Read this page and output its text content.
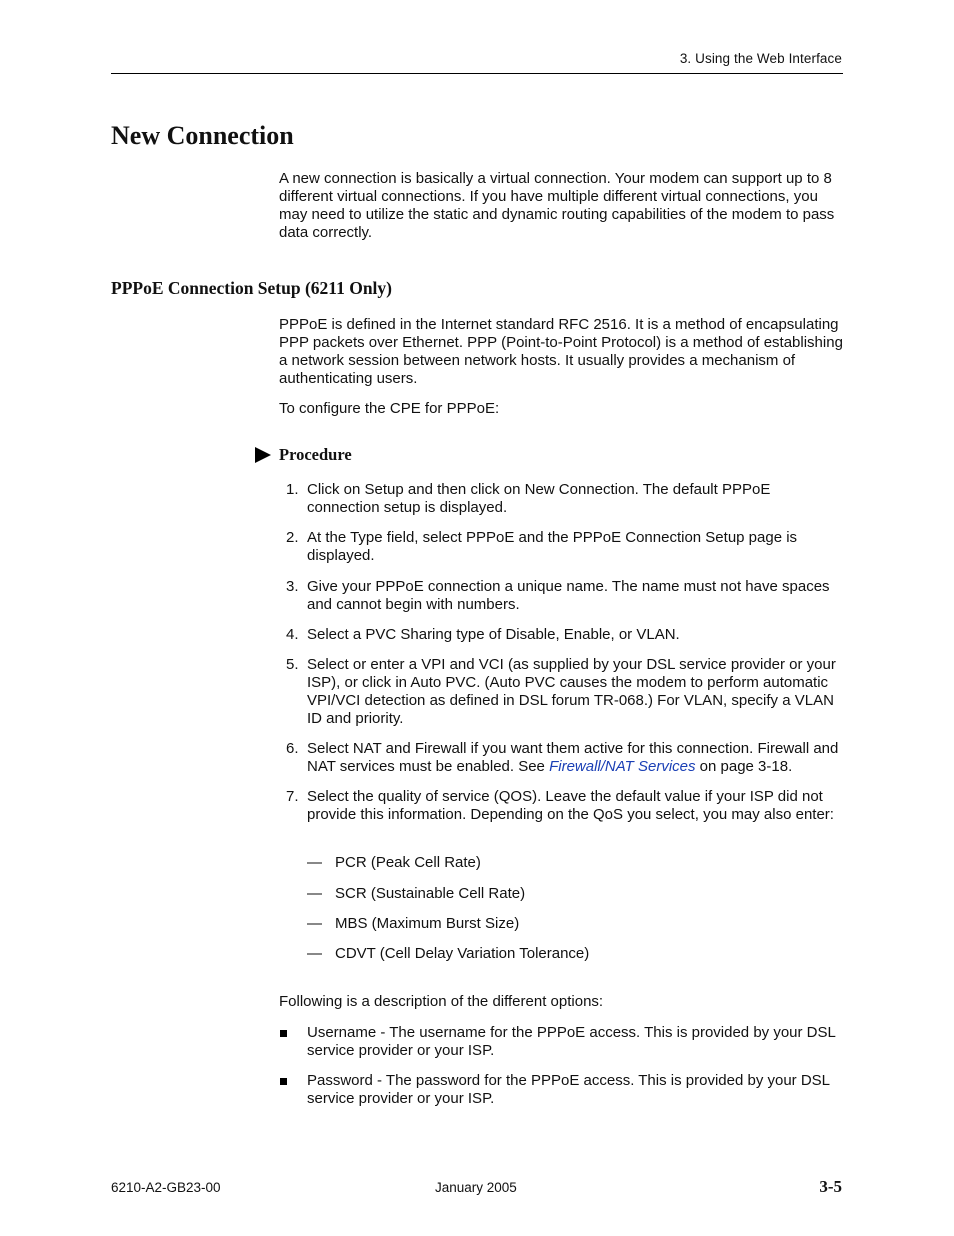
3. Using the Web Interface
New Connection

A new connection is basically a virtual connection. Your modem can support up to 8 different virtual connections. If you have multiple different virtual connections, you may need to utilize the static and dynamic routing capabilities of the modem to pass data correctly.

PPPoE Connection Setup (6211 Only)

PPPoE is defined in the Internet standard RFC 2516. It is a method of encapsulating PPP packets over Ethernet. PPP (Point-to-Point Protocol) is a method of establishing a network session between network hosts. It usually provides a mechanism of authenticating users.

To configure the CPE for PPPoE:

Procedure
1. Click on Setup and then click on New Connection. The default PPPoE connection setup is displayed.
2. At the Type field, select PPPoE and the PPPoE Connection Setup page is displayed.
3. Give your PPPoE connection a unique name. The name must not have spaces and cannot begin with numbers.
4. Select a PVC Sharing type of Disable, Enable, or VLAN.
5. Select or enter a VPI and VCI (as supplied by your DSL service provider or your ISP), or click in Auto PVC. (Auto PVC causes the modem to perform automatic VPI/VCI detection as defined in DSL forum TR-068.) For VLAN, specify a VLAN ID and priority.
6. Select NAT and Firewall if you want them active for this connection. Firewall and NAT services must be enabled. See Firewall/NAT Services on page 3-18.
7. Select the quality of service (QOS). Leave the default value if your ISP did not provide this information. Depending on the QoS you select, you may also enter:
— PCR (Peak Cell Rate)
— SCR (Sustainable Cell Rate)
— MBS (Maximum Burst Size)
— CDVT (Cell Delay Variation Tolerance)

Following is a description of the different options:

Username - The username for the PPPoE access. This is provided by your DSL service provider or your ISP.
Password - The password for the PPPoE access. This is provided by your DSL service provider or your ISP.
6210-A2-GB23-00	January 2005	3-5
